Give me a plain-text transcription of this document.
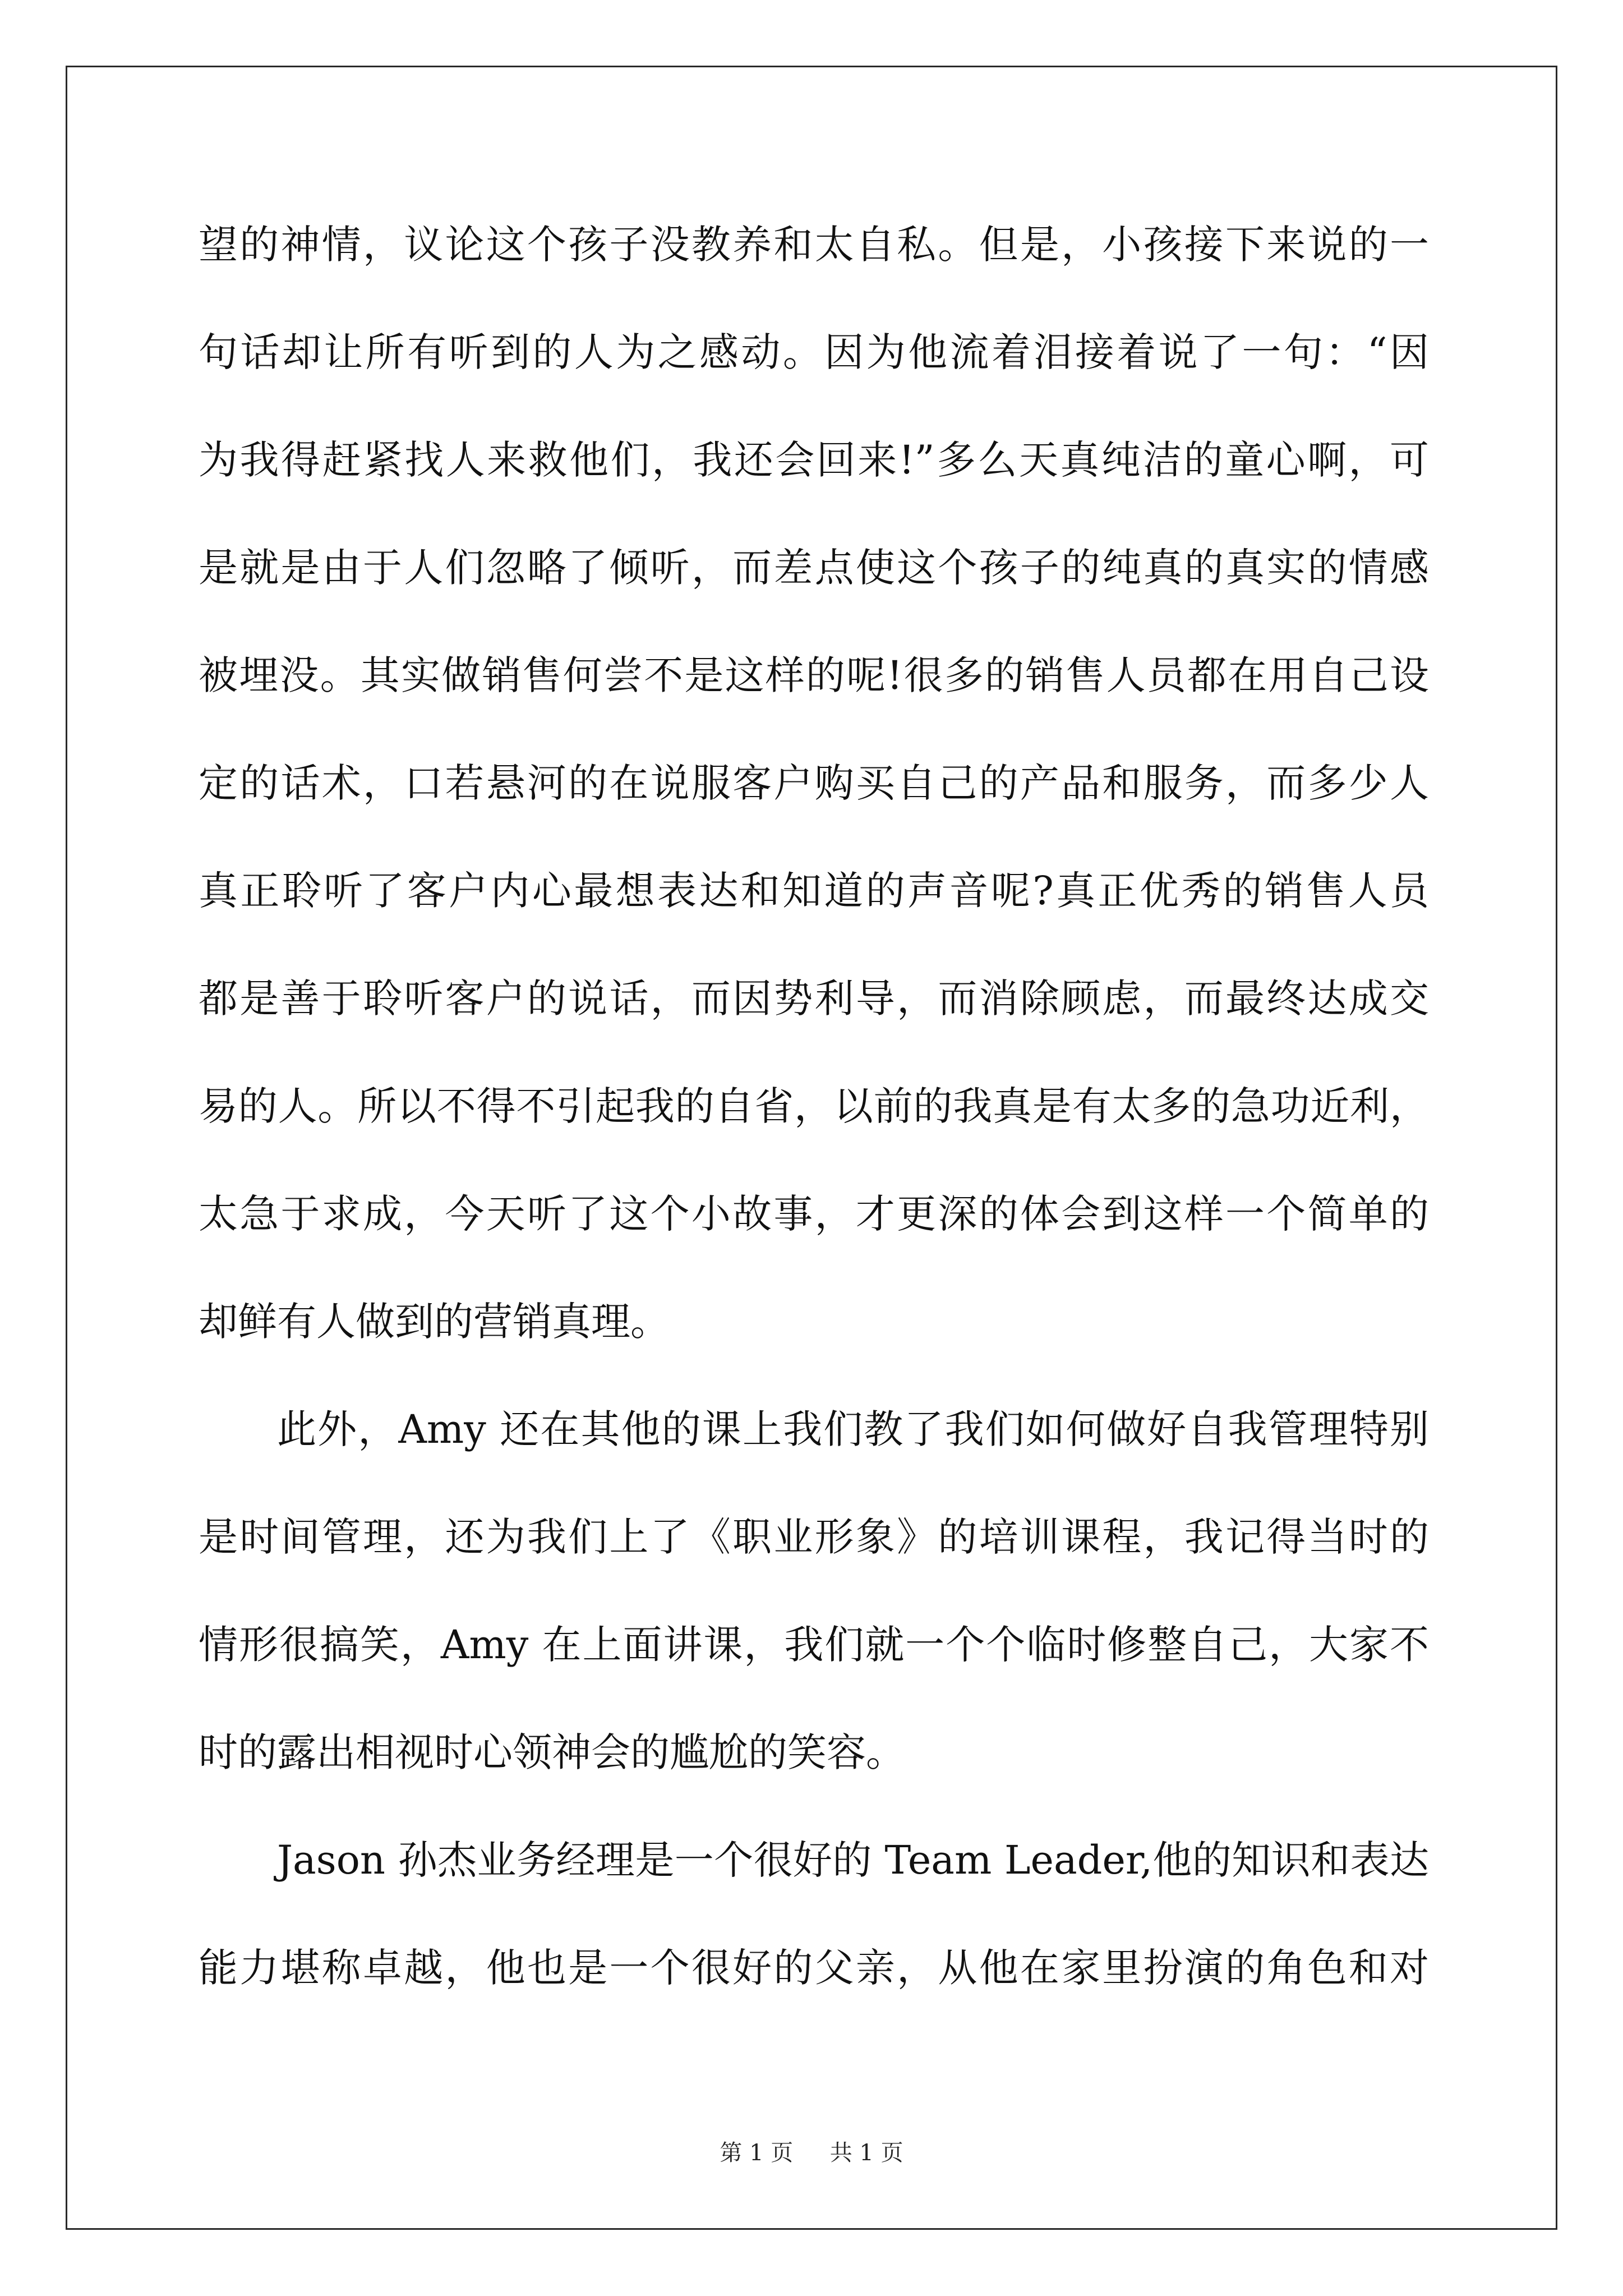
望的神情，议论这个孩子没教养和太自私。但是，小孩接下来说的一
句话却让所有听到的人为之感动。因为他流着泪接着说了一句：“因
为我得赶紧找人来救他们，我还会回来!”多么天真纯洁的童心啊，可
是就是由于人们忽略了倾听，而差点使这个孩子的纯真的真实的情感
被埋没。其实做销售何尝不是这样的呢!很多的销售人员都在用自己设
定的话术，口若悬河的在说服客户购买自己的产品和服务，而多少人
真正聆听了客户内心最想表达和知道的声音呢?真正优秀的销售人员
都是善于聆听客户的说话，而因势利导，而消除顾虑，而最终达成交
易的人。所以不得不引起我的自省，以前的我真是有太多的急功近利，
太急于求成，今天听了这个小故事，才更深的体会到这样一个简单的
却鲜有人做到的营销真理。
此外，Amy 还在其他的课上我们教了我们如何做好自我管理特别
是时间管理，还为我们上了《职业形象》的培训课程，我记得当时的
情形很搞笑，Amy 在上面讲课，我们就一个个临时修整自己，大家不
时的露出相视时心领神会的尴尬的笑容。
Jason 孙杰业务经理是一个很好的 Team Leader,他的知识和表达
能力堪称卓越，他也是一个很好的父亲，从他在家里扮演的角色和对
第 1 页 共 1 页
